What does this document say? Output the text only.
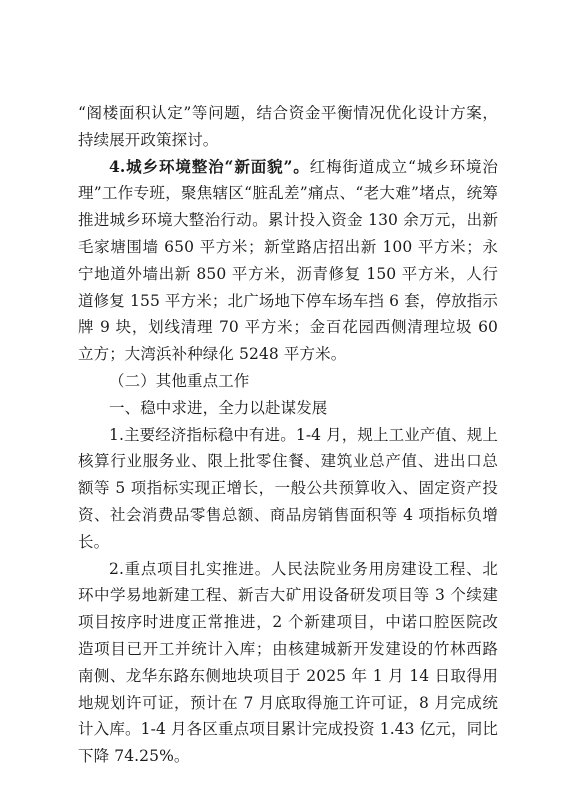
“阁楼面积认定”等问题，结合资金平衡情况优化设计方案，持续展开政策探讨。

4.城乡环境整治“新面貌”。红梅街道成立“城乡环境治理”工作专班，聚焦辖区“脏乱差”痛点、“老大难”堵点，统筹推进城乡环境大整治行动。累计投入资金 130 余万元，出新毛家塘围墙 650 平方米；新堂路店招出新 100 平方米；永宁地道外墙出新 850 平方米，沥青修复 150 平方米，人行道修复 155 平方米；北广场地下停车场车挡 6 套，停放指示牌 9 块，划线清理 70 平方米；金百花园西侧清理垃圾 60 立方；大湾浜补种绿化 5248 平方米。

（二）其他重点工作

一、稳中求进，全力以赴谋发展

1.主要经济指标稳中有进。1-4 月，规上工业产值、规上核算行业服务业、限上批零住餐、建筑业总产值、进出口总额等 5 项指标实现正增长，一般公共预算收入、固定资产投资、社会消费品零售总额、商品房销售面积等 4 项指标负增长。

2.重点项目扎实推进。人民法院业务用房建设工程、北环中学易地新建工程、新吉大矿用设备研发项目等 3 个续建项目按序时进度正常推进，2 个新建项目，中诺口腔医院改造项目已开工并统计入库；由核建城新开发建设的竹林西路南侧、龙华东路东侧地块项目于 2025 年 1 月 14 日取得用地规划许可证，预计在 7 月底取得施工许可证，8 月完成统计入库。1-4 月各区重点项目累计完成投资 1.43 亿元，同比下降 74.25%。
